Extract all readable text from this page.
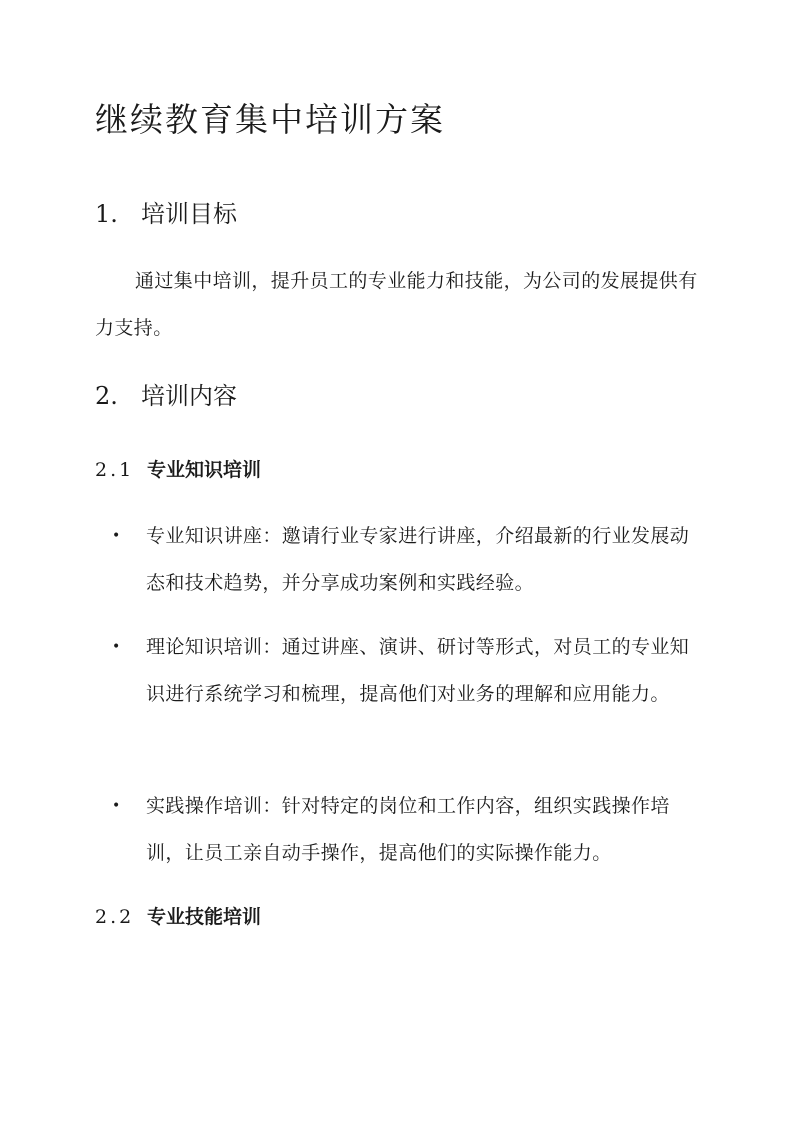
继续教育集中培训方案
1. 培训目标

通过集中培训，提升员工的专业能力和技能，为公司的发展提供有力支持。

2. 培训内容
2.1 专业知识培训
•	专业知识讲座：邀请行业专家进行讲座，介绍最新的行业发展动态和技术趋势，并分享成功案例和实践经验。

•	理论知识培训：通过讲座、演讲、研讨等形式，对员工的专业知识进行系统学习和梳理，提高他们对业务的理解和应用能力。

•	实践操作培训：针对特定的岗位和工作内容，组织实践操作培训，让员工亲自动手操作，提高他们的实际操作能力。

2.2 专业技能培训
